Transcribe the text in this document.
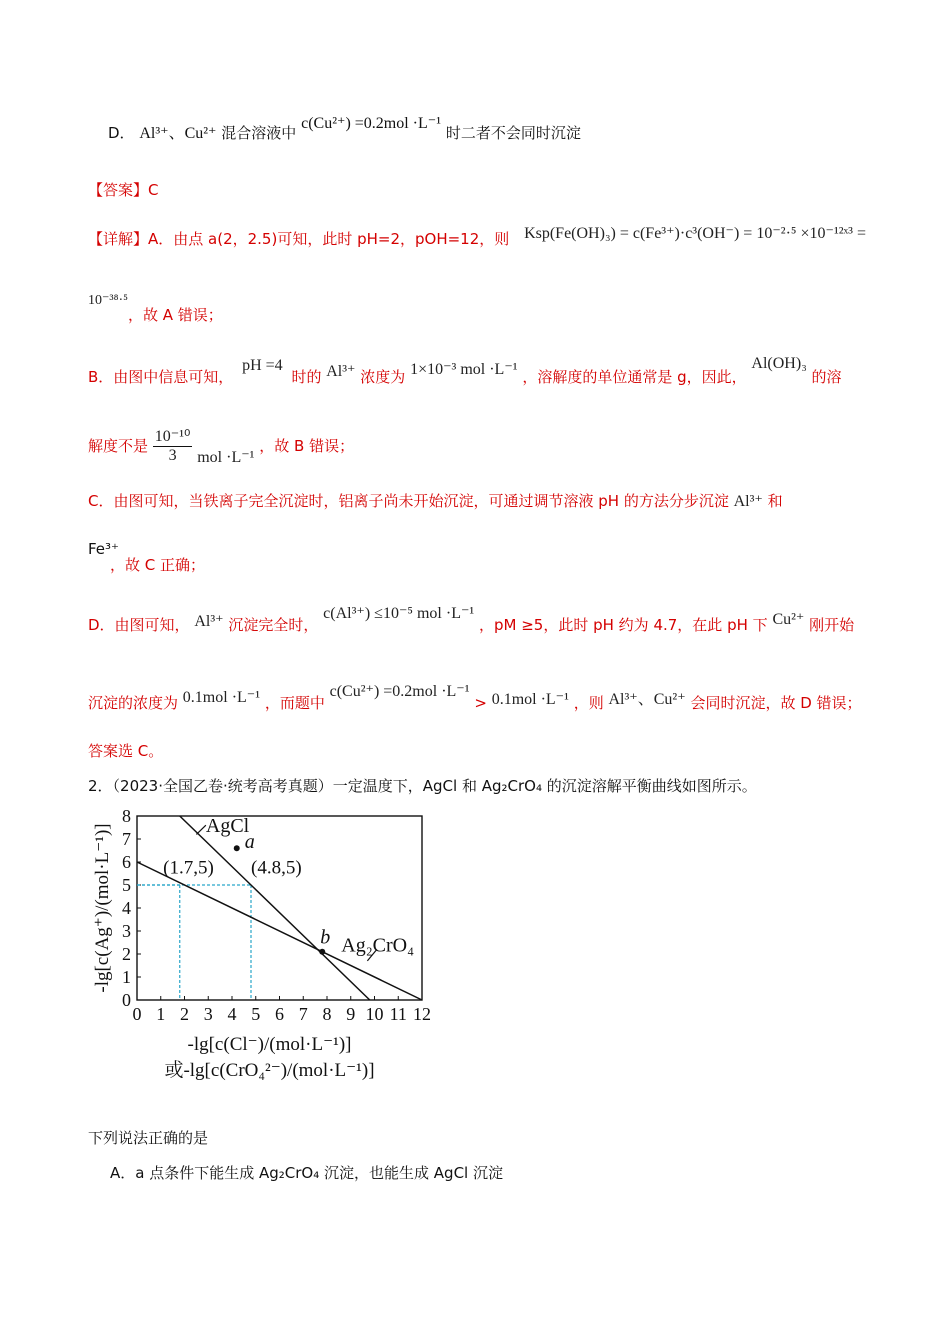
D． Al³⁺、Cu²⁺ 混合溶液中 c(Cu²⁺) =0.2mol ·L⁻¹ 时二者不会同时沉淀
【答案】C
【详解】A．由点 a(2，2.5)可知，此时 pH=2，pOH=12，则 Ksp(Fe(OH)₃) = c(Fe³⁺)·c³(OH⁻) = 10⁻²·⁵ ×10⁻¹²ˣ³ =
10⁻³⁸·⁵
，故 A 错误；
B．由图中信息可知， pH =4 时的 Al³⁺ 浓度为 1×10⁻³ mol ·L⁻¹ ，溶解度的单位通常是 g，因此， Al(OH)₃ 的溶
解度不是 $\frac{\text{10⁻¹⁰}}{3}$ mol ·L⁻¹ ，故 B 错误；
C．由图可知，当铁离子完全沉淀时，铝离子尚未开始沉淀，可通过调节溶液 pH 的方法分步沉淀 Al³⁺ 和
Fe³⁺
，故 C 正确；
D．由图可知， Al³⁺ 沉淀完全时， c(Al³⁺) ≤10⁻⁵ mol ·L⁻¹ ，pM ≥5，此时 pH 约为 4.7，在此 pH 下 Cu²⁺ 刚开始
沉淀的浓度为 0.1mol ·L⁻¹ ，而题中 c(Cu²⁺) =0.2mol ·L⁻¹ > 0.1mol ·L⁻¹ ，则 Al³⁺、Cu²⁺ 会同时沉淀，故 D 错误；
答案选 C。
2．（2023·全国乙卷·统考高考真题）一定温度下，AgCl 和 Ag₂CrO₄ 的沉淀溶解平衡曲线如图所示。
0 1 2 3 4 5 6 7 8 9 10 11 12
0
1
2
3
4
5
6
7
8	AgCl
Ag₂CrO₄
(1.7,5) (4.8,5)
a
b
-lg[c(Ag⁺)/(mol·L⁻¹)]
-lg[c(Cl⁻)/(mol·L⁻¹)]
或-lg[c(CrO₄²⁻)/(mol·L⁻¹)]
下列说法正确的是
A．a 点条件下能生成 Ag₂CrO₄ 沉淀，也能生成 AgCl 沉淀
